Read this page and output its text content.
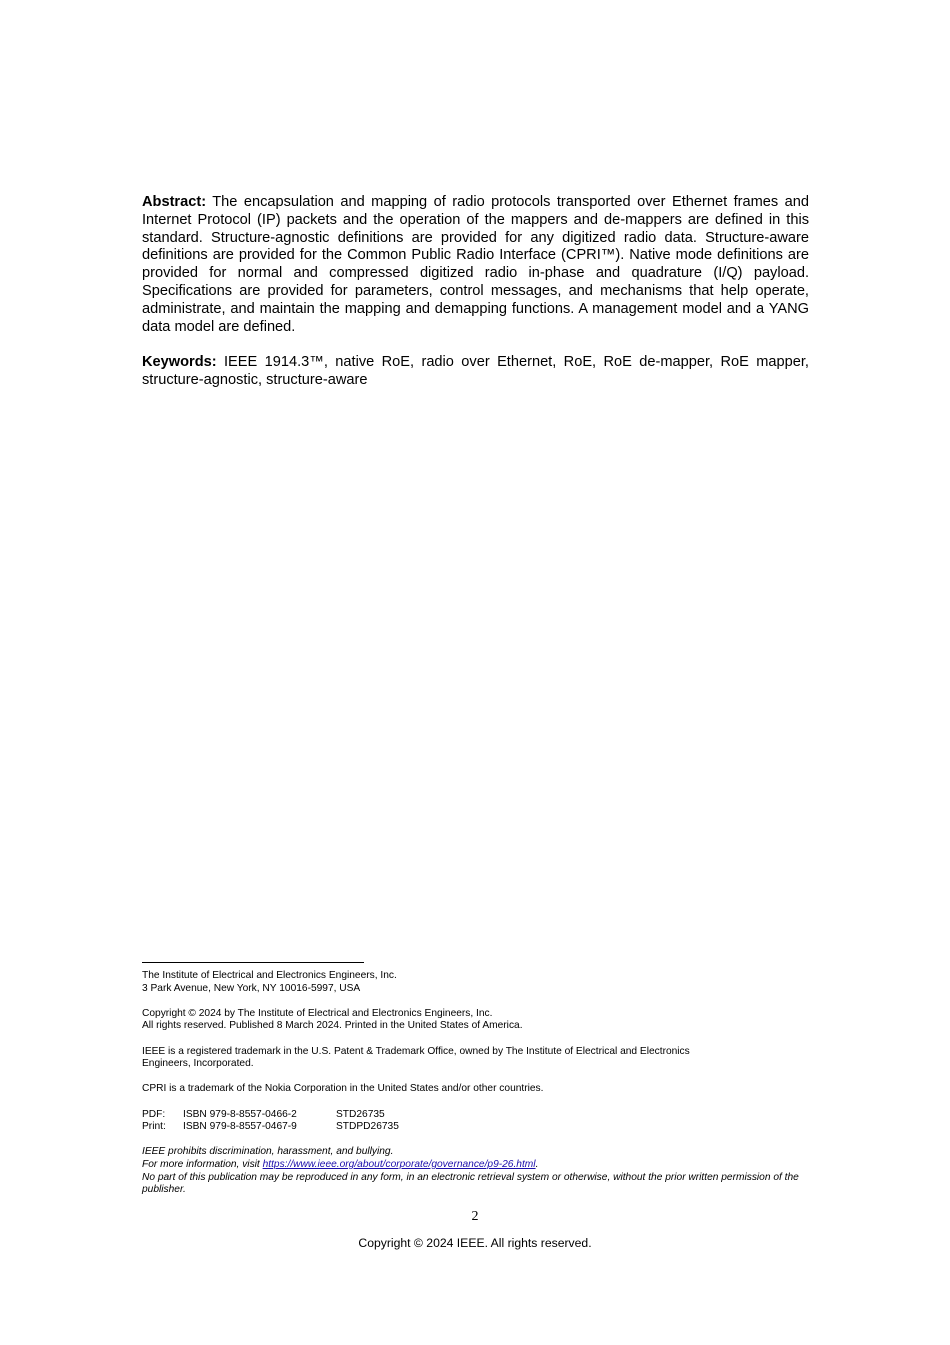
Abstract: The encapsulation and mapping of radio protocols transported over Ethernet frames and Internet Protocol (IP) packets and the operation of the mappers and de-mappers are defined in this standard. Structure-agnostic definitions are provided for any digitized radio data. Structure-aware definitions are provided for the Common Public Radio Interface (CPRI™). Native mode definitions are provided for normal and compressed digitized radio in-phase and quadrature (I/Q) payload. Specifications are provided for parameters, control messages, and mechanisms that help operate, administrate, and maintain the mapping and demapping functions. A management model and a YANG data model are defined.

Keywords: IEEE 1914.3™, native RoE, radio over Ethernet, RoE, RoE de-mapper, RoE mapper, structure-agnostic, structure-aware

The Institute of Electrical and Electronics Engineers, Inc.

3 Park Avenue, New York, NY 10016-5997, USA

Copyright © 2024 by The Institute of Electrical and Electronics Engineers, Inc.

All rights reserved. Published 8 March 2024. Printed in the United States of America.

IEEE is a registered trademark in the U.S. Patent & Trademark Office, owned by The Institute of Electrical and Electronics

Engineers, Incorporated.

CPRI is a trademark of the Nokia Corporation in the United States and/or other countries.

PDF:	ISBN 979-8-8557-0466-2	STD26735
Print:	ISBN 979-8-8557-0467-9	STDPD26735

IEEE prohibits discrimination, harassment, and bullying.

For more information, visit https://www.ieee.org/about/corporate/governance/p9-26.html.

No part of this publication may be reproduced in any form, in an electronic retrieval system or otherwise, without the prior written permission of the publisher.

2
Copyright © 2024 IEEE. All rights reserved.
